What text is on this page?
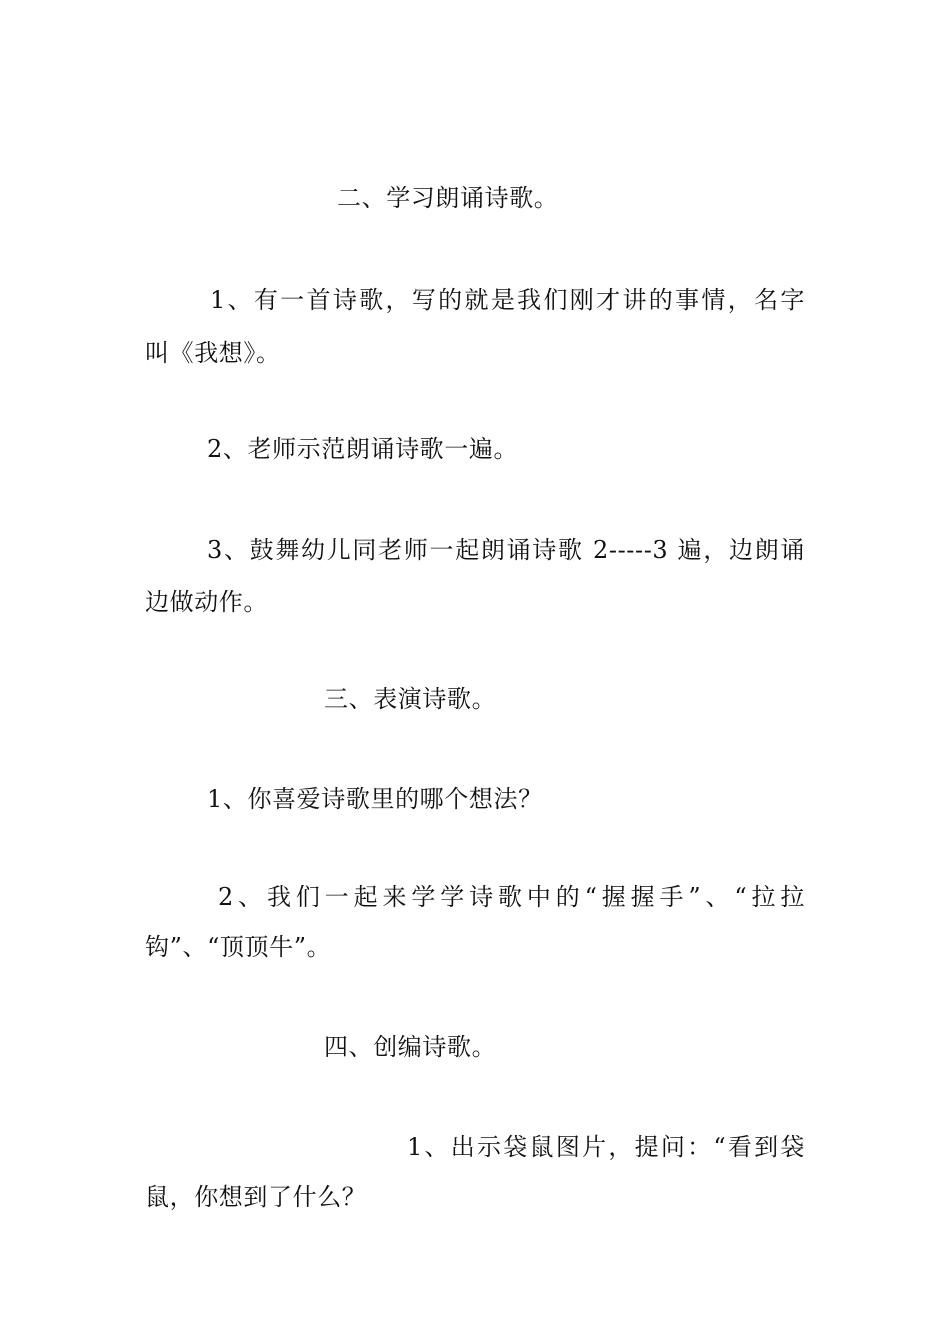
二、学习朗诵诗歌。
1、有一首诗歌，写的就是我们刚才讲的事情，名字
叫《我想》。
2、老师示范朗诵诗歌一遍。
3、鼓舞幼儿同老师一起朗诵诗歌 2-----3 遍，边朗诵
边做动作。
三、表演诗歌。
1、你喜爱诗歌里的哪个想法？
2、我们一起来学学诗歌中的“握握手”、“拉拉
钩”、“顶顶牛”。
四、创编诗歌。
1、出示袋鼠图片，提问：“看到袋
鼠，你想到了什么？
